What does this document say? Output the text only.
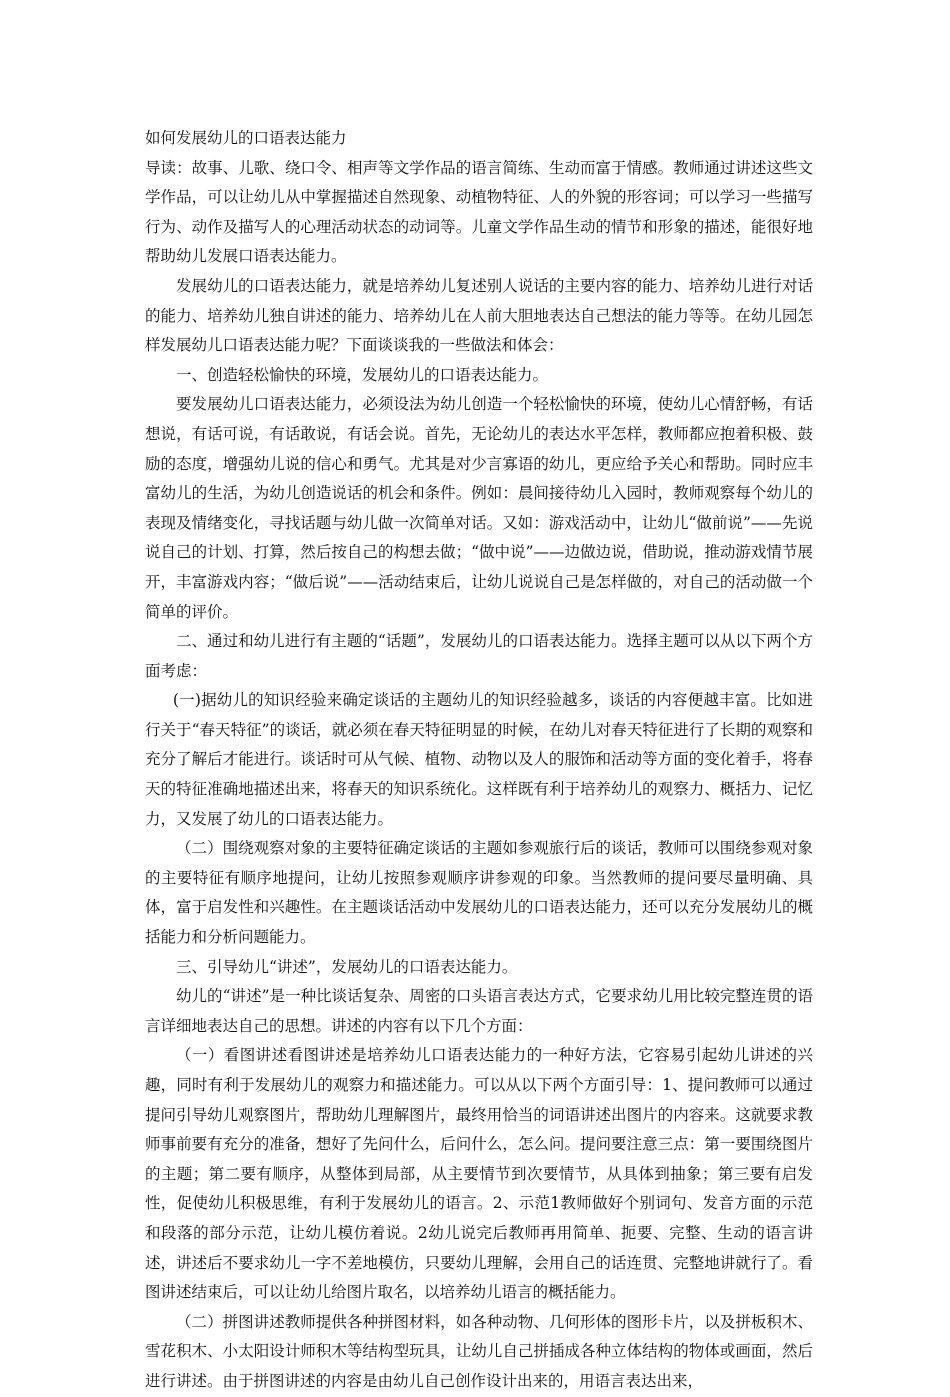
如何发展幼儿的口语表达能力

导读：故事、儿歌、绕口令、相声等文学作品的语言简练、生动而富于情感。教师通过讲述这些文学作品，可以让幼儿从中掌握描述自然现象、动植物特征、人的外貌的形容词；可以学习一些描写行为、动作及描写人的心理活动状态的动词等。儿童文学作品生动的情节和形象的描述，能很好地帮助幼儿发展口语表达能力。

发展幼儿的口语表达能力，就是培养幼儿复述别人说话的主要内容的能力、培养幼儿进行对话的能力、培养幼儿独自讲述的能力、培养幼儿在人前大胆地表达自己想法的能力等等。在幼儿园怎样发展幼儿口语表达能力呢？下面谈谈我的一些做法和体会：

一、创造轻松愉快的环境，发展幼儿的口语表达能力。

要发展幼儿口语表达能力，必须设法为幼儿创造一个轻松愉快的环境，使幼儿心情舒畅，有话想说，有话可说，有话敢说，有话会说。首先，无论幼儿的表达水平怎样，教师都应抱着积极、鼓励的态度，增强幼儿说的信心和勇气。尤其是对少言寡语的幼儿，更应给予关心和帮助。同时应丰富幼儿的生活，为幼儿创造说话的机会和条件。例如：晨间接待幼儿入园时，教师观察每个幼儿的表现及情绪变化，寻找话题与幼儿做一次简单对话。又如：游戏活动中，让幼儿“做前说”——先说说自己的计划、打算，然后按自己的构想去做；“做中说”——边做边说，借助说，推动游戏情节展开，丰富游戏内容；“做后说”——活动结束后，让幼儿说说自己是怎样做的，对自己的活动做一个简单的评价。

二、通过和幼儿进行有主题的“话题”，发展幼儿的口语表达能力。选择主题可以从以下两个方面考虑：

(一)据幼儿的知识经验来确定谈话的主题幼儿的知识经验越多，谈话的内容便越丰富。比如进行关于“春天特征”的谈话，就必须在春天特征明显的时候，在幼儿对春天特征进行了长期的观察和充分了解后才能进行。谈话时可从气候、植物、动物以及人的服饰和活动等方面的变化着手，将春天的特征准确地描述出来，将春天的知识系统化。这样既有利于培养幼儿的观察力、概括力、记忆力，又发展了幼儿的口语表达能力。

（二）围绕观察对象的主要特征确定谈话的主题如参观旅行后的谈话，教师可以围绕参观对象的主要特征有顺序地提问，让幼儿按照参观顺序讲参观的印象。当然教师的提问要尽量明确、具体，富于启发性和兴趣性。在主题谈话活动中发展幼儿的口语表达能力，还可以充分发展幼儿的概括能力和分析问题能力。

三、引导幼儿“讲述”，发展幼儿的口语表达能力。

幼儿的“讲述”是一种比谈话复杂、周密的口头语言表达方式，它要求幼儿用比较完整连贯的语言详细地表达自己的思想。讲述的内容有以下几个方面：

（一）看图讲述看图讲述是培养幼儿口语表达能力的一种好方法，它容易引起幼儿讲述的兴趣，同时有利于发展幼儿的观察力和描述能力。可以从以下两个方面引导：1、提问教师可以通过提问引导幼儿观察图片，帮助幼儿理解图片，最终用恰当的词语讲述出图片的内容来。这就要求教师事前要有充分的准备，想好了先问什么，后问什么，怎么问。提问要注意三点：第一要围绕图片的主题；第二要有顺序，从整体到局部，从主要情节到次要情节，从具体到抽象；第三要有启发性，促使幼儿积极思维，有利于发展幼儿的语言。2、示范1教师做好个别词句、发音方面的示范和段落的部分示范，让幼儿模仿着说。2幼儿说完后教师再用简单、扼要、完整、生动的语言讲述，讲述后不要求幼儿一字不差地模仿，只要幼儿理解，会用自己的话连贯、完整地讲就行了。看图讲述结束后，可以让幼儿给图片取名，以培养幼儿语言的概括能力。

（二）拼图讲述教师提供各种拼图材料，如各种动物、几何形体的图形卡片，以及拼板积木、雪花积木、小太阳设计师积木等结构型玩具，让幼儿自己拼插成各种立体结构的物体或画面，然后进行讲述。由于拼图讲述的内容是由幼儿自己创作设计出来的，用语言表达出来，
